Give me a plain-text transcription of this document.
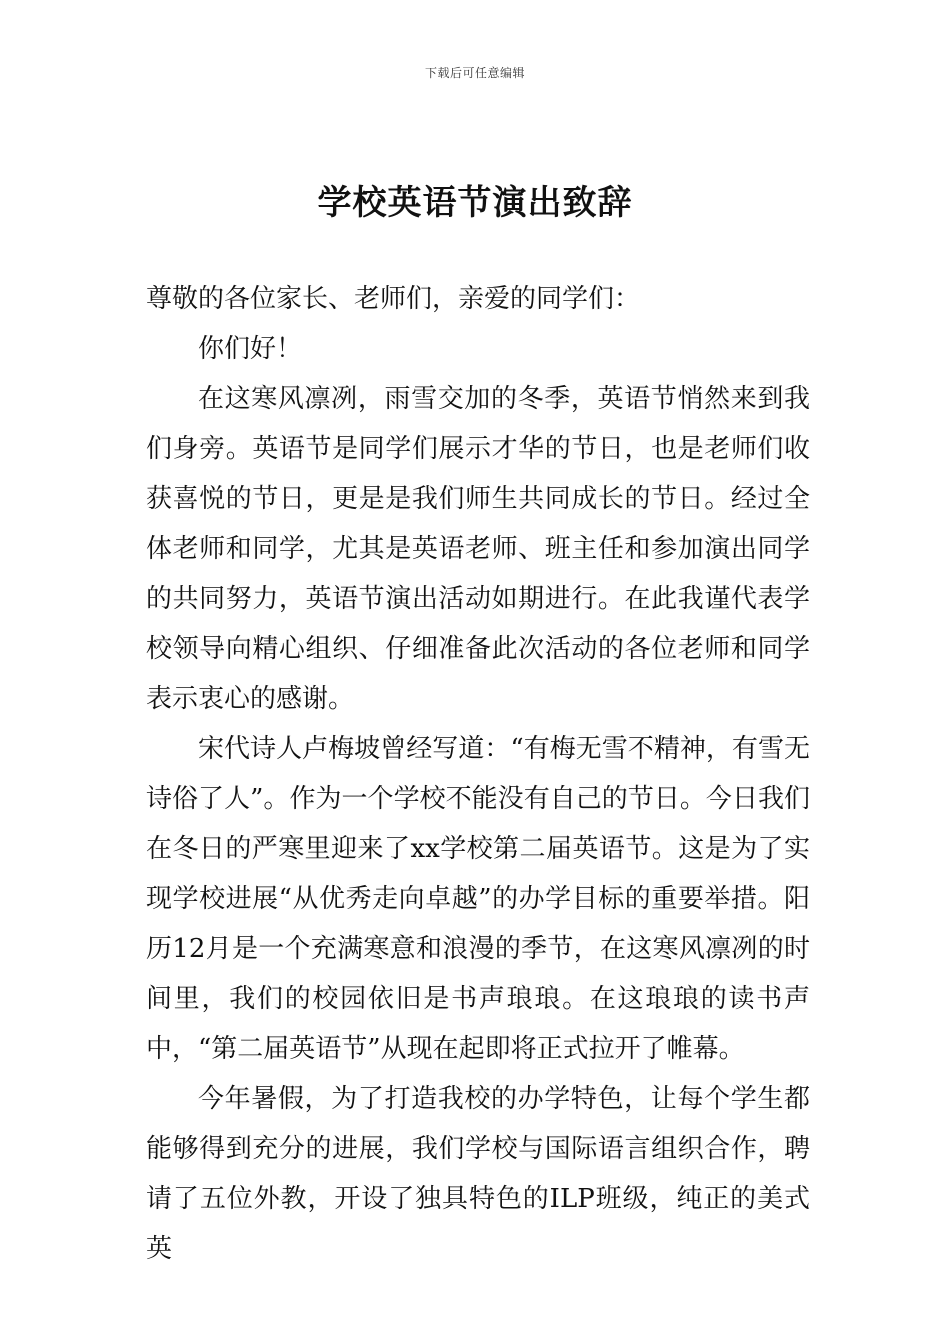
下载后可任意编辑
学校英语节演出致辞

尊敬的各位家长、老师们，亲爱的同学们：

你们好！

在这寒风凛冽，雨雪交加的冬季，英语节悄然来到我们身旁。英语节是同学们展示才华的节日，也是老师们收获喜悦的节日，更是是我们师生共同成长的节日。经过全体老师和同学，尤其是英语老师、班主任和参加演出同学的共同努力，英语节演出活动如期进行。在此我谨代表学校领导向精心组织、仔细准备此次活动的各位老师和同学表示衷心的感谢。

宋代诗人卢梅坡曾经写道：“有梅无雪不精神，有雪无诗俗了人”。作为一个学校不能没有自己的节日。今日我们在冬日的严寒里迎来了xx学校第二届英语节。这是为了实现学校进展“从优秀走向卓越”的办学目标的重要举措。阳历12月是一个充满寒意和浪漫的季节，在这寒风凛冽的时间里，我们的校园依旧是书声琅琅。在这琅琅的读书声中，“第二届英语节”从现在起即将正式拉开了帷幕。

今年暑假，为了打造我校的办学特色，让每个学生都能够得到充分的进展，我们学校与国际语言组织合作，聘请了五位外教，开设了独具特色的ILP班级，纯正的美式英
